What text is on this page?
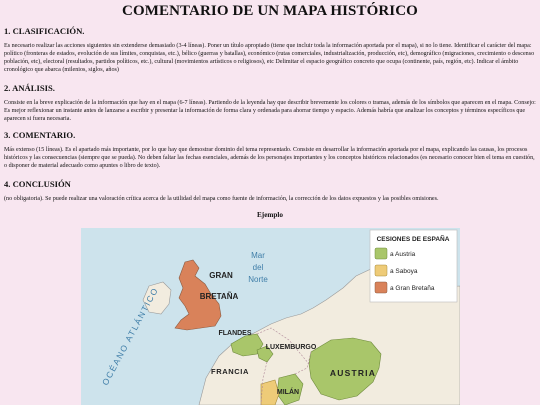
COMENTARIO DE UN MAPA HISTÓRICO
1. CLASIFICACIÓN.

Es necesario realizar las acciones siguientes sin extenderse demasiado (3-4 líneas). Poner un título apropiado (tiene que incluir toda la información aportada por el mapa), si no lo tiene. Identificar el carácter del mapa: político (fronteras de estados, evolución de sus límites, conquistas, etc.), bélico (guerras y batallas), económico (rutas comerciales, industrialización, producción, etc), demográfico (migraciones, crecimiento o descenso población, etc), electoral (resultados, partidos políticos, etc.), cultural (movimientos artísticos o religiosos), etc Delimitar el espacio geográfico concreto que ocupa (continente, país, región, etc). Indicar el ámbito cronológico que abarca (milenios, siglos, años)

2. ANÁLISIS.

Consiste en la breve explicación de la información que hay en el mapa (6-7 líneas). Partiendo de la leyenda hay que describir brevemente los colores o tramas, además de los símbolos que aparecen en el mapa. Consejo: Es mejor reflexionar un instante antes de lanzarse a escribir y presentar la información de forma clara y ordenada para ahorrar tiempo y espacio. Además habría que analizar los conceptos y términos específicos que aparecen si fuera necesaria.

3. COMENTARIO.

Más extenso (15 líneas). Es el apartado más importante, por lo que hay que demostrar dominio del tema representado. Consiste en desarrollar la información aportada por el mapa, explicando las causas, los procesos históricos y las consecuencias (siempre que se pueda). No deben faltar las fechas esenciales, además de los personajes importantes y los conceptos históricos relacionados (es necesario conocer bien el tema en cuestión, o disponer de material adecuado como apuntes o libro de texto).

4. CONCLUSIÓN

(no obligatoria). Se puede realizar una valoración crítica acerca de la utilidad del mapa como fuente de información, la corrección de los datos expuestos y las posibles omisiones.

Ejemplo
GRAN
BRETAÑA
Mar
del
Norte
OCÉANO ATLÁNTICO	FLANDES
LUXEMBURGO
FRANCIA	AUSTRIA
MILÁN
CESIONES DE ESPAÑA
a Austria
a Saboya
a Gran Bretaña
